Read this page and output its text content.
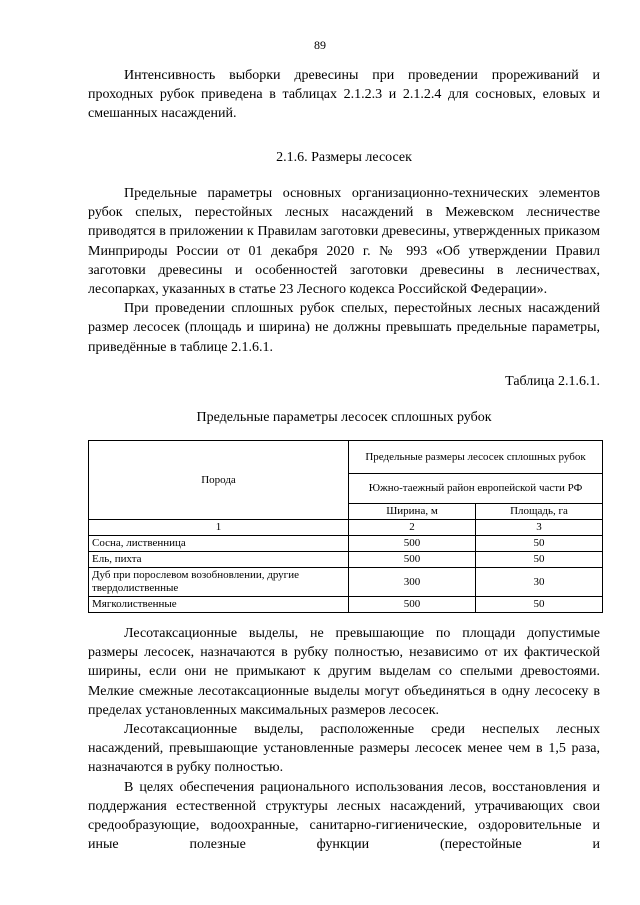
89

Интенсивность выборки древесины при проведении прореживаний и проходных рубок приведена в таблицах 2.1.2.3 и 2.1.2.4 для сосновых, еловых и смешанных насаждений.

2.1.6. Размеры лесосек

Предельные параметры основных организационно-технических элементов рубок спелых, перестойных лесных насаждений в Межевском лесничестве приводятся в приложении к Правилам заготовки древесины, утвержденных приказом Минприроды России от 01 декабря 2020 г. № 993 «Об утверждении Правил заготовки древесины и особенностей заготовки древесины в лесничествах, лесопарках, указанных в статье 23 Лесного кодекса Российской Федерации».

При проведении сплошных рубок спелых, перестойных лесных насаждений размер лесосек (площадь и ширина) не должны превышать предельные параметры, приведённые в таблице 2.1.6.1.

Таблица 2.1.6.1.
Предельные параметры лесосек сплошных рубок
Порода	Предельные размеры лесосек сплошных рубок	
	Южно-таежный район европейской части РФ	
	Ширина, м	Площадь, га
1	2	3
Сосна, лиственница	500	50
Ель, пихта	500	50
Дуб при порослевом возобновлении, другие твердолиственные	300	30
Мягколиственные	500	50

Лесотаксационные выделы, не превышающие по площади допустимые размеры лесосек, назначаются в рубку полностью, независимо от их фактической ширины, если они не примыкают к другим выделам со спелыми древостоями. Мелкие смежные лесотаксационные выделы могут объединяться в одну лесосеку в пределах установленных максимальных размеров лесосек.

Лесотаксационные выделы, расположенные среди неспелых лесных насаждений, превышающие установленные размеры лесосек менее чем в 1,5 раза, назначаются в рубку полностью.

В целях обеспечения рационального использования лесов, восстановления и поддержания естественной структуры лесных насаждений, утрачивающих свои средообразующие, водоохранные, санитарно-гигиенические, оздоровительные и иные полезные функции (перестойные и
